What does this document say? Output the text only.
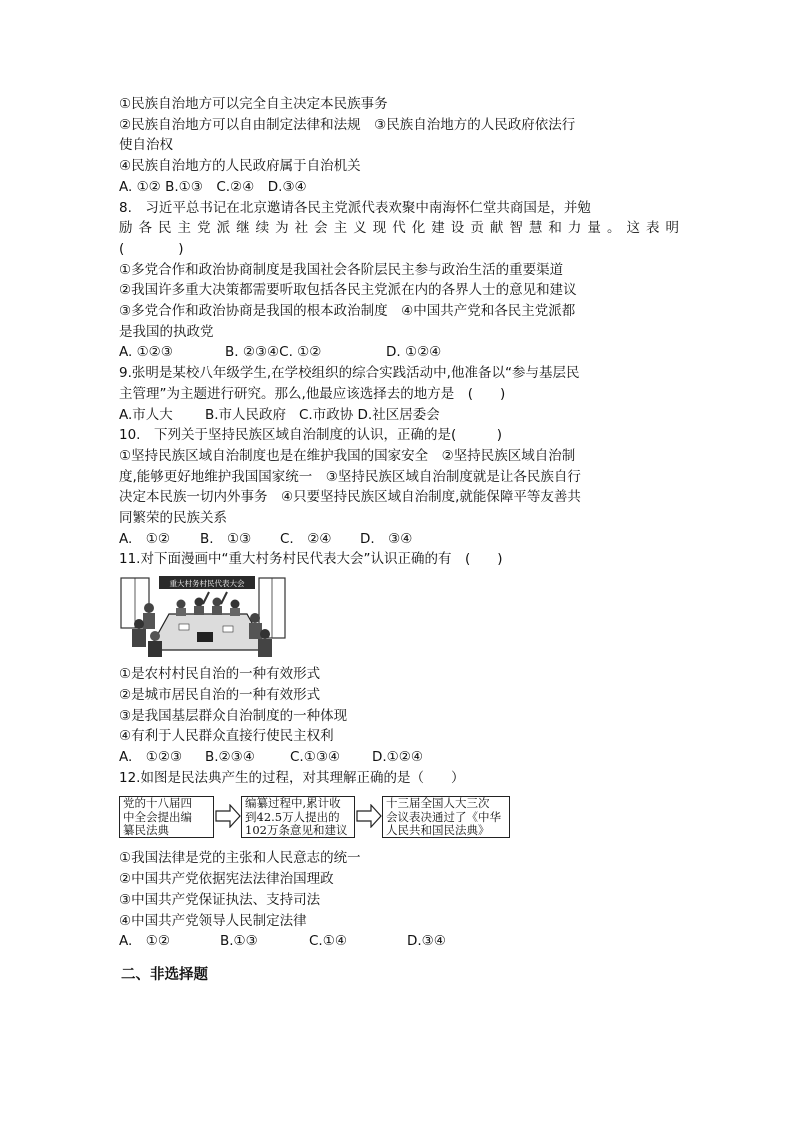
①民族自治地方可以完全自主决定本民族事务
②民族自治地方可以自由制定法律和法规　③民族自治地方的人民政府依法行
使自治权
④民族自治地方的人民政府属于自治机关
A. ①② B.①③　C.②④　D.③④
8.　习近平总书记在北京邀请各民主党派代表欢聚中南海怀仁堂共商国是，并勉
励各民主党派继续为社会主义现代化建设贡献智慧和力量。这表明
(　　　　)
①多党合作和政治协商制度是我国社会各阶层民主参与政治生活的重要渠道
②我国许多重大决策都需要听取包括各民主党派在内的各界人士的意见和建议
③多党合作和政治协商是我国的根本政治制度　④中国共产党和各民主党派都
是我国的执政党
A. ①②③	B. ②③④C. ①②	D. ①②④
9.张明是某校八年级学生,在学校组织的综合实践活动中,他准备以“参与基层民
主管理”为主题进行研究。那么,他最应该选择去的地方是　(　　)
A.市人大	B.市人民政府 C.市政协 D.社区居委会
10.　下列关于坚持民族区域自治制度的认识，正确的是(　　　)
①坚持民族区域自治制度也是在维护我国的国家安全　②坚持民族区域自治制
度,能够更好地维护我国国家统一　③坚持民族区域自治制度就是让各民族自行
决定本民族一切内外事务　④只要坚持民族区域自治制度,就能保障平等友善共
同繁荣的民族关系
A.　①②	B.　①③	C.　②④	D.　③④
11.对下面漫画中“重大村务村民代表大会”认识正确的有　(　　)
重大村务村民代表大会
①是农村村民自治的一种有效形式
②是城市居民自治的一种有效形式
③是我国基层群众自治制度的一种体现
④有利于人民群众直接行使民主权利
A.　①②③	B.②③④	C.①③④	D.①②④
12.如图是民法典产生的过程，对其理解正确的是（　　）
党的十八届四
中全会提出编
纂民法典
编纂过程中,累计收
到42.5万人提出的
102万条意见和建议
十三届全国人大三次
会议表决通过了《中华
人民共和国民法典》
①我国法律是党的主张和人民意志的统一
②中国共产党依据宪法法律治国理政
③中国共产党保证执法、支持司法
④中国共产党领导人民制定法律
A.　①②	B.①③	C.①④	D.③④
二、非选择题
